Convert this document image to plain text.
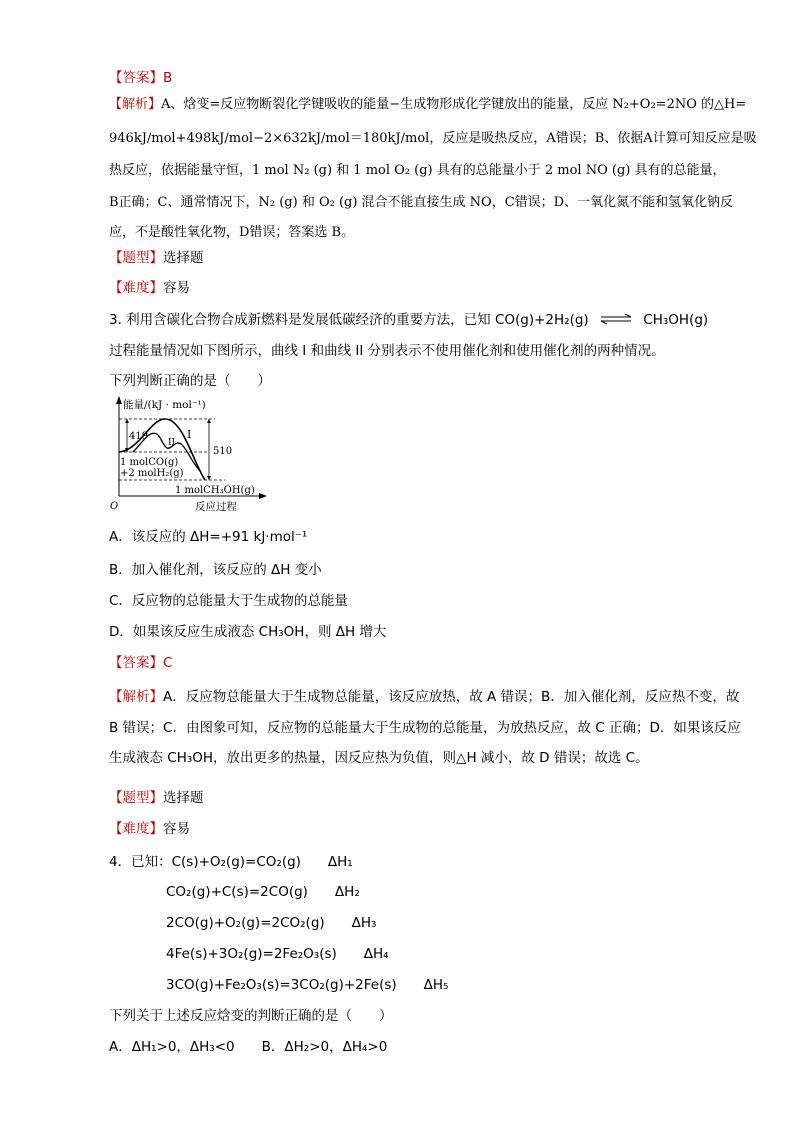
【答案】B
【解析】A、焓变=反应物断裂化学键吸收的能量−生成物形成化学键放出的能量，反应 N₂+O₂=2NO 的△H=
946kJ/mol+498kJ/mol−2×632kJ/mol＝180kJ/mol，反应是吸热反应，A错误；B、依据A计算可知反应是吸
热反应，依据能量守恒，1 mol N₂ (g) 和 1 mol O₂ (g) 具有的总能量小于 2 mol NO (g) 具有的总能量，
B正确；C、通常情况下，N₂ (g) 和 O₂ (g) 混合不能直接生成 NO，C错误；D、一氧化氮不能和氢氧化钠反
应，不是酸性氧化物，D错误；答案选 B。
【题型】选择题
【难度】容易
3. 利用含碳化合物合成新燃料是发展低碳经济的重要方法，已知 CO(g)+2H₂(g) ⇌ CH₃OH(g)
过程能量情况如下图所示，曲线 I 和曲线 II 分别表示不使用催化剂和使用催化剂的两种情况。
下列判断正确的是（　　）
能量/(kJ · mol⁻¹)
419
510
I
II
1 molCO(g)
+2 molH₂(g)
1 molCH₃OH(g)
O	反应过程
A．该反应的 ΔH=+91 kJ·mol⁻¹
B．加入催化剂，该反应的 ΔH 变小
C．反应物的总能量大于生成物的总能量
D．如果该反应生成液态 CH₃OH，则 ΔH 增大
【答案】C
【解析】A．反应物总能量大于生成物总能量，该反应放热，故 A 错误；B．加入催化剂，反应热不变，故
B 错误；C．由图象可知，反应物的总能量大于生成物的总能量，为放热反应，故 C 正确；D．如果该反应
生成液态 CH₃OH，放出更多的热量，因反应热为负值，则△H 减小，故 D 错误；故选 C。
【题型】选择题
【难度】容易
4．已知：C(s)+O₂(g)=CO₂(g)　　ΔH₁
CO₂(g)+C(s)=2CO(g)　　ΔH₂
2CO(g)+O₂(g)=2CO₂(g)　　ΔH₃
4Fe(s)+3O₂(g)=2Fe₂O₃(s)　　ΔH₄
3CO(g)+Fe₂O₃(s)=3CO₂(g)+2Fe(s)　　ΔH₅
下列关于上述反应焓变的判断正确的是（　　）
A．ΔH₁>0，ΔH₃<0　　B．ΔH₂>0，ΔH₄>0
